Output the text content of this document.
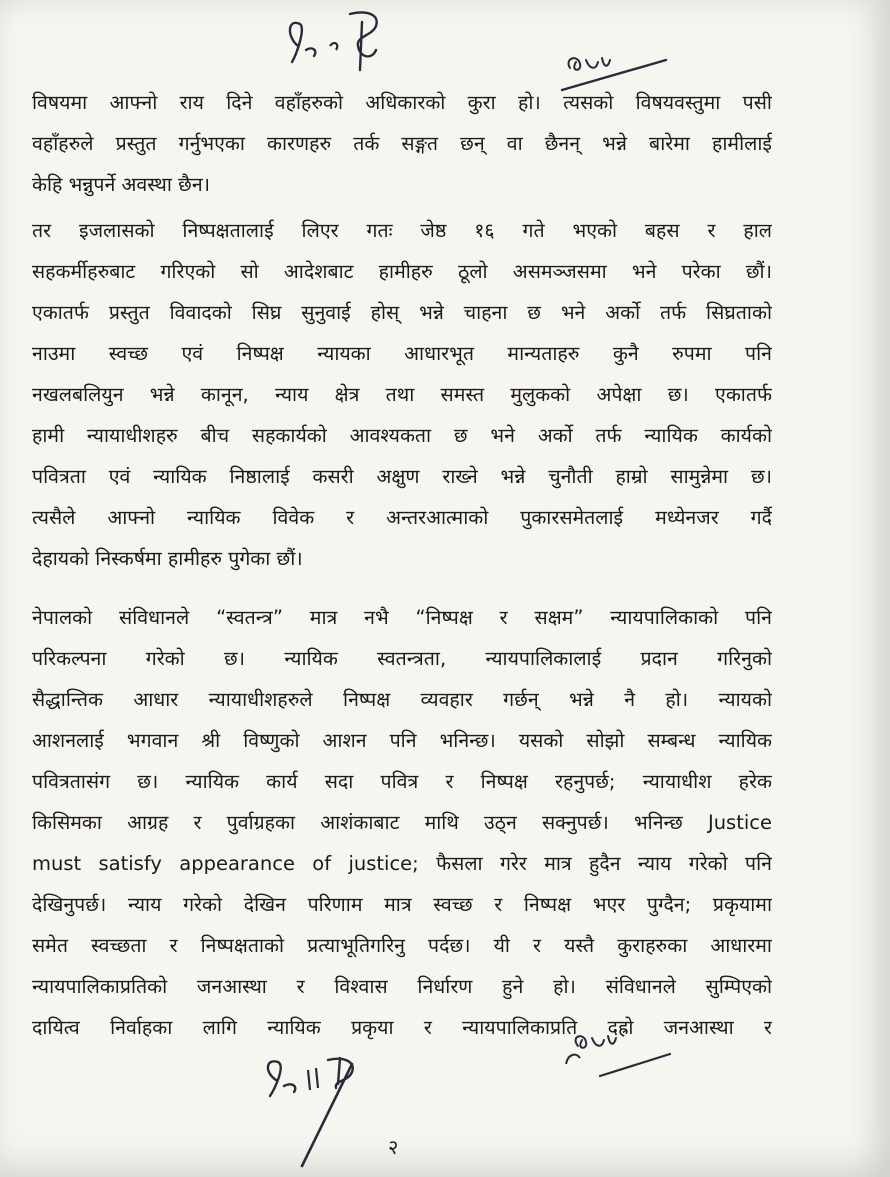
विषयमा आफ्नो राय दिने वहाँहरुको अधिकारको कुरा हो। त्यसको विषयवस्तुमा पसी
वहाँहरुले प्रस्तुत गर्नुभएका कारणहरु तर्क सङ्गत छन् वा छैनन् भन्ने बारेमा हामीलाई
केहि भन्नुपर्ने अवस्था छैन।
तर इजलासको निष्पक्षतालाई लिएर गतः जेष्ठ १६ गते भएको बहस र हाल
सहकर्मीहरुबाट गरिएको सो आदेशबाट हामीहरु ठूलो असमञ्जसमा भने परेका छौं।
एकातर्फ प्रस्तुत विवादको सिघ्र सुनुवाई होस् भन्ने चाहना छ भने अर्को तर्फ सिघ्रताको
नाउमा स्वच्छ एवं निष्पक्ष न्यायका आधारभूत मान्यताहरु कुनै रुपमा पनि
नखलबलियुन भन्ने कानून, न्याय क्षेत्र तथा समस्त मुलुकको अपेक्षा छ। एकातर्फ
हामी न्यायाधीशहरु बीच सहकार्यको आवश्यकता छ भने अर्को तर्फ न्यायिक कार्यको
पवित्रता एवं न्यायिक निष्ठालाई कसरी अक्षुण राख्ने भन्ने चुनौती हाम्रो सामुन्नेमा छ।
त्यसैले आफ्नो न्यायिक विवेक र अन्तरआत्माको पुकारसमेतलाई मध्येनजर गर्दै
देहायको निस्कर्षमा हामीहरु पुगेका छौं।
नेपालको संविधानले “स्वतन्त्र” मात्र नभै “निष्पक्ष र सक्षम” न्यायपालिकाको पनि
परिकल्पना गरेको छ। न्यायिक स्वतन्त्रता, न्यायपालिकालाई प्रदान गरिनुको
सैद्धान्तिक आधार न्यायाधीशहरुले निष्पक्ष व्यवहार गर्छन् भन्ने नै हो। न्यायको
आशनलाई भगवान श्री विष्णुको आशन पनि भनिन्छ। यसको सोझो सम्बन्ध न्यायिक
पवित्रतासंग छ। न्यायिक कार्य सदा पवित्र र निष्पक्ष रहनुपर्छ; न्यायाधीश हरेक
किसिमका आग्रह र पुर्वाग्रहका आशंकाबाट माथि उठ्न सक्नुपर्छ। भनिन्छ Justice
must satisfy appearance of justice; फैसला गरेर मात्र हुदैन न्याय गरेको पनि
देखिनुपर्छ। न्याय गरेको देखिन परिणाम मात्र स्वच्छ र निष्पक्ष भएर पुग्दैन; प्रकृयामा
समेत स्वच्छता र निष्पक्षताको प्रत्याभूतिगरिनु पर्दछ। यी र यस्तै कुराहरुका आधारमा
न्यायपालिकाप्रतिको जनआस्था र विश्वास निर्धारण हुने हो। संविधानले सुम्पिएको
दायित्व निर्वाहका लागि न्यायिक प्रकृया र न्यायपालिकाप्रति दह्रो जनआस्था र
२
